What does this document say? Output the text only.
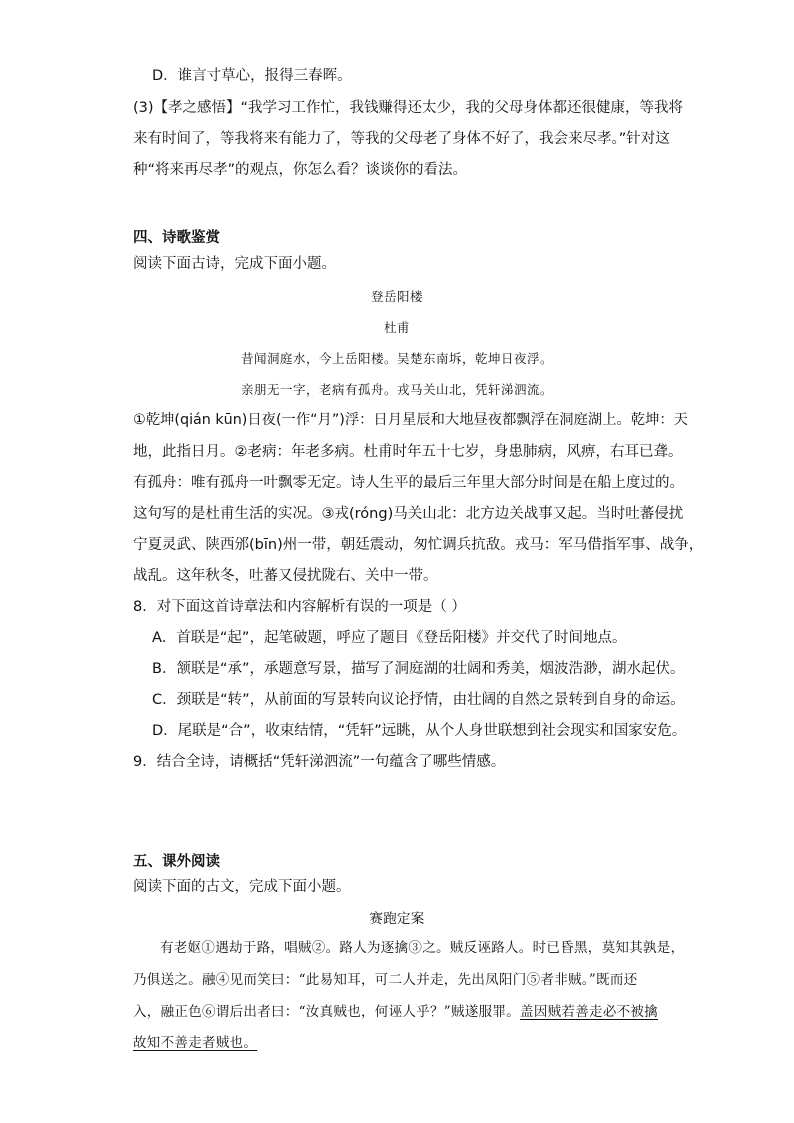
D．谁言寸草心，报得三春晖。
(3)【孝之感悟】“我学习工作忙，我钱赚得还太少，我的父母身体都还很健康，等我将
来有时间了，等我将来有能力了，等我的父母老了身体不好了，我会来尽孝。”针对这
种“将来再尽孝”的观点，你怎么看？谈谈你的看法。
四、诗歌鉴赏
阅读下面古诗，完成下面小题。
登岳阳楼
杜甫
昔闻洞庭水，今上岳阳楼。吴楚东南坼，乾坤日夜浮。
亲朋无一字，老病有孤舟。戎马关山北，凭轩涕泗流。
①乾坤(qián kūn)日夜(一作“月”)浮：日月星辰和大地昼夜都飘浮在洞庭湖上。乾坤：天
地，此指日月。②老病：年老多病。杜甫时年五十七岁，身患肺病，风痹，右耳已聋。
有孤舟：唯有孤舟一叶飘零无定。诗人生平的最后三年里大部分时间是在船上度过的。
这句写的是杜甫生活的实况。③戎(róng)马关山北：北方边关战事又起。当时吐蕃侵扰
宁夏灵武、陕西邠(bīn)州一带，朝廷震动，匆忙调兵抗敌。戎马：军马借指军事、战争，
战乱。这年秋冬，吐蕃又侵扰陇右、关中一带。
8．对下面这首诗章法和内容解析有误的一项是（ ）
A．首联是“起”，起笔破题，呼应了题目《登岳阳楼》并交代了时间地点。
B．颔联是“承”，承题意写景，描写了洞庭湖的壮阔和秀美，烟波浩渺，湖水起伏。
C．颈联是“转”，从前面的写景转向议论抒情，由壮阔的自然之景转到自身的命运。
D．尾联是“合”，收束结情，“凭轩”远眺，从个人身世联想到社会现实和国家安危。
9．结合全诗，请概括“凭轩涕泗流”一句蕴含了哪些情感。
五、课外阅读
阅读下面的古文，完成下面小题。
赛跑定案
有老妪①遇劫于路，唱贼②。路人为逐擒③之。贼反诬路人。时已昏黑，莫知其孰是，
乃俱送之。融④见而笑曰：“此易知耳，可二人并走，先出凤阳门⑤者非贼。”既而还
入，融正色⑥谓后出者曰：“汝真贼也，何诬人乎？”贼遂服罪。盖因贼若善走必不被擒
故知不善走者贼也。
